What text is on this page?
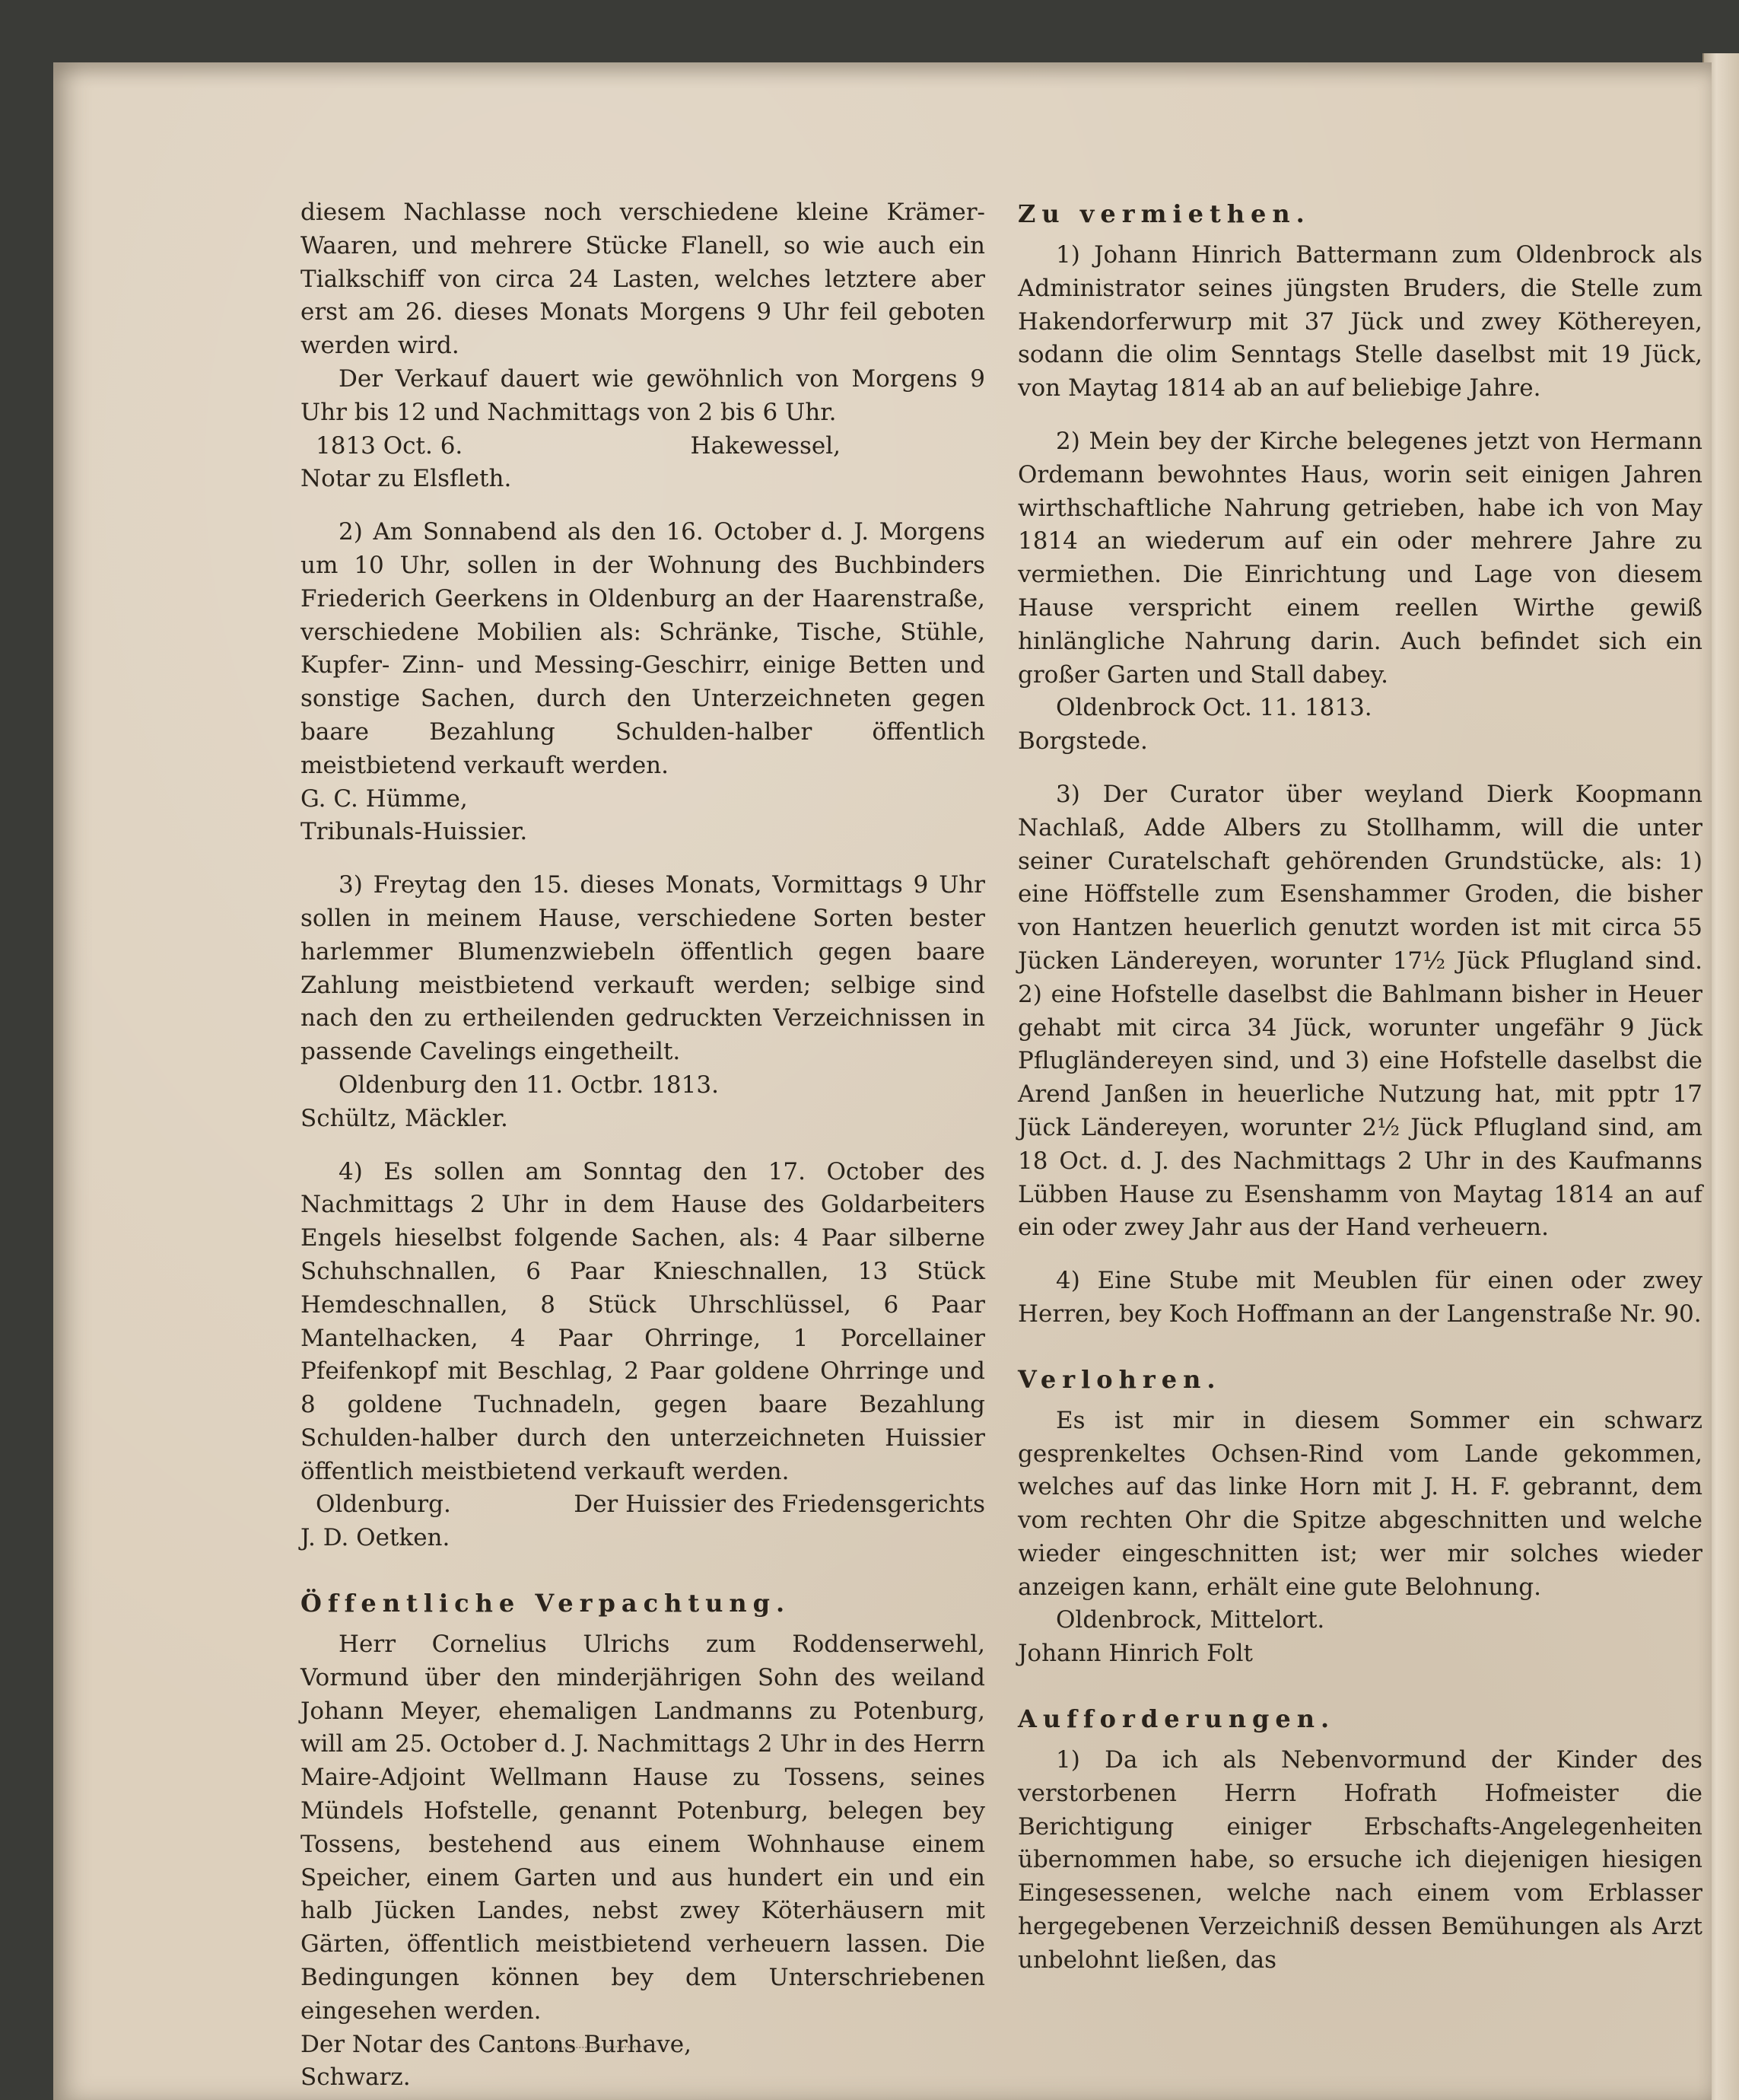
diesem Nachlasse noch verschiedene kleine Krämer-Waaren, und mehrere Stücke Flanell, so wie auch ein Tialkschiff von circa 24 Lasten, welches letztere aber erst am 26. dieses Monats Morgens 9 Uhr feil geboten werden wird.

Der Verkauf dauert wie gewöhnlich von Morgens 9 Uhr bis 12 und Nachmittags von 2 bis 6 Uhr.

1813 Oct. 6.	Hakewessel,

Notar zu Elsfleth.

2) Am Sonnabend als den 16. October d. J. Morgens um 10 Uhr, sollen in der Wohnung des Buchbinders Friederich Geerkens in Oldenburg an der Haarenstraße, verschiedene Mobilien als: Schränke, Tische, Stühle, Kupfer- Zinn- und Messing-Geschirr, einige Betten und sonstige Sachen, durch den Unterzeichneten gegen baare Bezahlung Schulden-halber öffentlich meistbietend verkauft werden.

G. C. Hümme,

Tribunals-Huissier.

3) Freytag den 15. dieses Monats, Vormittags 9 Uhr sollen in meinem Hause, verschiedene Sorten bester harlemmer Blumenzwiebeln öffentlich gegen baare Zahlung meistbietend verkauft werden; selbige sind nach den zu ertheilenden gedruckten Verzeichnissen in passende Cavelings eingetheilt.

Oldenburg den 11. Octbr. 1813.

Schültz, Mäckler.

4) Es sollen am Sonntag den 17. October des Nachmittags 2 Uhr in dem Hause des Goldarbeiters Engels hieselbst folgende Sachen, als: 4 Paar silberne Schuhschnallen, 6 Paar Knieschnallen, 13 Stück Hemdeschnallen, 8 Stück Uhrschlüssel, 6 Paar Mantelhacken, 4 Paar Ohrringe, 1 Porcellainer Pfeifenkopf mit Beschlag, 2 Paar goldene Ohrringe und 8 goldene Tuchnadeln, gegen baare Bezahlung Schulden-halber durch den unterzeichneten Huissier öffentlich meistbietend verkauft werden.

Oldenburg.	Der Huissier des Friedensgerichts

J. D. Oetken.

Öffentliche Verpachtung.

Herr Cornelius Ulrichs zum Roddenserwehl, Vormund über den minderjährigen Sohn des weiland Johann Meyer, ehemaligen Landmanns zu Potenburg, will am 25. October d. J. Nachmittags 2 Uhr in des Herrn Maire-Adjoint Wellmann Hause zu Tossens, seines Mündels Hofstelle, genannt Potenburg, belegen bey Tossens, bestehend aus einem Wohnhause einem Speicher, einem Garten und aus hundert ein und ein halb Jücken Landes, nebst zwey Köterhäusern mit Gärten, öffentlich meistbietend verheuern lassen. Die Bedingungen können bey dem Unterschriebenen eingesehen werden.

Der Notar des Cantons Burhave,

Schwarz.

Zu vermiethen.

1) Johann Hinrich Battermann zum Oldenbrock als Administrator seines jüngsten Bruders, die Stelle zum Hakendorferwurp mit 37 Jück und zwey Köthereyen, sodann die olim Senntags Stelle daselbst mit 19 Jück, von Maytag 1814 ab an auf beliebige Jahre.

2) Mein bey der Kirche belegenes jetzt von Hermann Ordemann bewohntes Haus, worin seit einigen Jahren wirthschaftliche Nahrung getrieben, habe ich von May 1814 an wiederum auf ein oder mehrere Jahre zu vermiethen. Die Einrichtung und Lage von diesem Hause verspricht einem reellen Wirthe gewiß hinlängliche Nahrung darin. Auch befindet sich ein großer Garten und Stall dabey.

Oldenbrock Oct. 11. 1813.

Borgstede.

3) Der Curator über weyland Dierk Koopmann Nachlaß, Adde Albers zu Stollhamm, will die unter seiner Curatelschaft gehörenden Grundstücke, als: 1) eine Höffstelle zum Esenshammer Groden, die bisher von Hantzen heuerlich genutzt worden ist mit circa 55 Jücken Ländereyen, worunter 17½ Jück Pflugland sind. 2) eine Hofstelle daselbst die Bahlmann bisher in Heuer gehabt mit circa 34 Jück, worunter ungefähr 9 Jück Pflugländereyen sind, und 3) eine Hofstelle daselbst die Arend Janßen in heuerliche Nutzung hat, mit pptr 17 Jück Ländereyen, worunter 2½ Jück Pflugland sind, am 18 Oct. d. J. des Nachmittags 2 Uhr in des Kaufmanns Lübben Hause zu Esenshamm von Maytag 1814 an auf ein oder zwey Jahr aus der Hand verheuern.

4) Eine Stube mit Meublen für einen oder zwey Herren, bey Koch Hoffmann an der Langenstraße Nr. 90.

Verlohren.

Es ist mir in diesem Sommer ein schwarz gesprenkeltes Ochsen-Rind vom Lande gekommen, welches auf das linke Horn mit J. H. F. gebrannt, dem vom rechten Ohr die Spitze abgeschnitten und welche wieder eingeschnitten ist; wer mir solches wieder anzeigen kann, erhält eine gute Belohnung.

Oldenbrock, Mittelort.

Johann Hinrich Folt

Aufforderungen.

1) Da ich als Nebenvormund der Kinder des verstorbenen Herrn Hofrath Hofmeister die Berichtigung einiger Erbschafts-Angelegenheiten übernommen habe, so ersuche ich diejenigen hiesigen Eingesessenen, welche nach einem vom Erblasser hergegebenen Verzeichniß dessen Bemühungen als Arzt unbelohnt ließen, das
